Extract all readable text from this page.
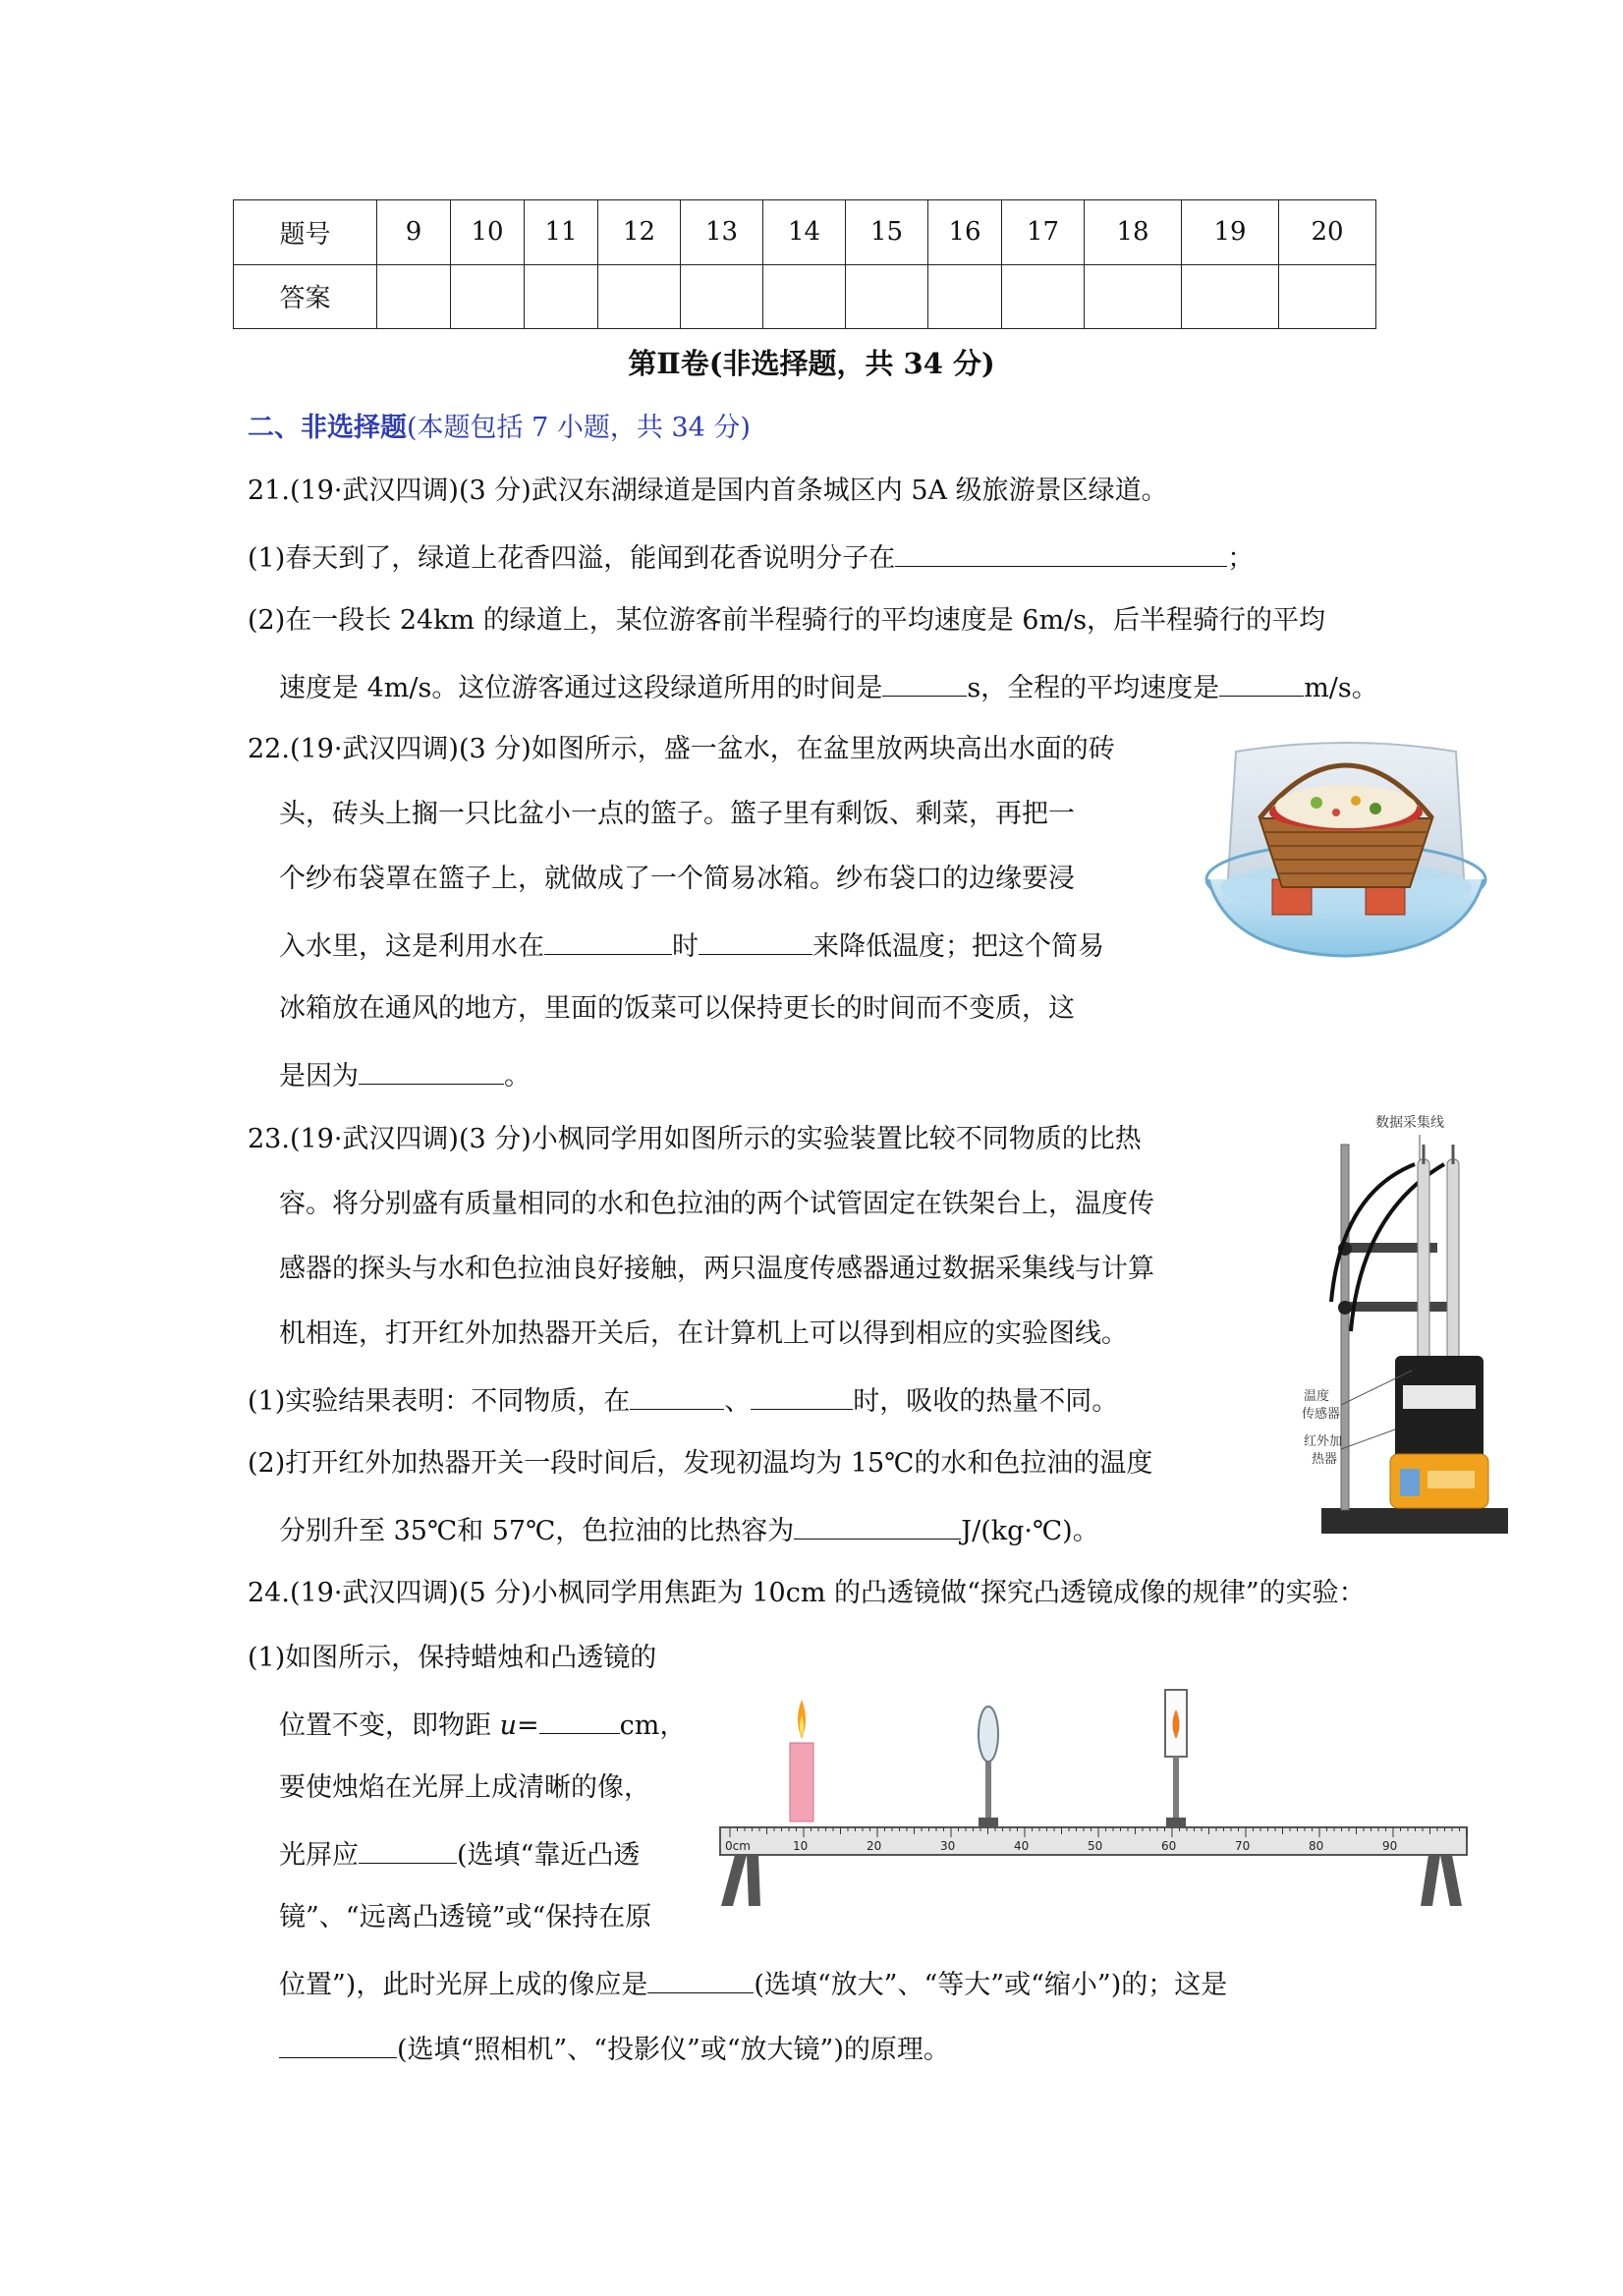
题号	9	10	11	12	13	14	15	16	17	18	19	20
答案												
第Ⅱ卷(非选择题，共 34 分)
二、非选择题(本题包括 7 小题，共 34 分)
21.(19·武汉四调)(3 分)武汉东湖绿道是国内首条城区内 5A 级旅游景区绿道。
(1)春天到了，绿道上花香四溢，能闻到花香说明分子在	；
(2)在一段长 24km 的绿道上，某位游客前半程骑行的平均速度是 6m/s，后半程骑行的平均
速度是 4m/s。这位游客通过这段绿道所用的时间是	s，全程的平均速度是	m/s。
22.(19·武汉四调)(3 分)如图所示，盛一盆水，在盆里放两块高出水面的砖
头，砖头上搁一只比盆小一点的篮子。篮子里有剩饭、剩菜，再把一
个纱布袋罩在篮子上，就做成了一个简易冰箱。纱布袋口的边缘要浸
入水里，这是利用水在	时	来降低温度；把这个简易
冰箱放在通风的地方，里面的饭菜可以保持更长的时间而不变质，这
是因为	。
23.(19·武汉四调)(3 分)小枫同学用如图所示的实验装置比较不同物质的比热
容。将分别盛有质量相同的水和色拉油的两个试管固定在铁架台上，温度传
感器的探头与水和色拉油良好接触，两只温度传感器通过数据采集线与计算
机相连，打开红外加热器开关后，在计算机上可以得到相应的实验图线。
(1)实验结果表明：不同物质，在	、	时，吸收的热量不同。
(2)打开红外加热器开关一段时间后，发现初温均为 15℃的水和色拉油的温度
分别升至 35℃和 57℃，色拉油的比热容为	J/(kg·℃)。
数据采集线
温度
传感器
红外加
热器
24.(19·武汉四调)(5 分)小枫同学用焦距为 10cm 的凸透镜做“探究凸透镜成像的规律”的实验：
(1)如图所示，保持蜡烛和凸透镜的
位置不变，即物距 u=	cm，
要使烛焰在光屏上成清晰的像，
光屏应	(选填“靠近凸透
镜”、“远离凸透镜”或“保持在原
位置”)，此时光屏上成的像应是	(选填“放大”、“等大”或“缩小”)的；这是
(选填“照相机”、“投影仪”或“放大镜”)的原理。
0cm	10	20	30	40	50	60	70	80	90
